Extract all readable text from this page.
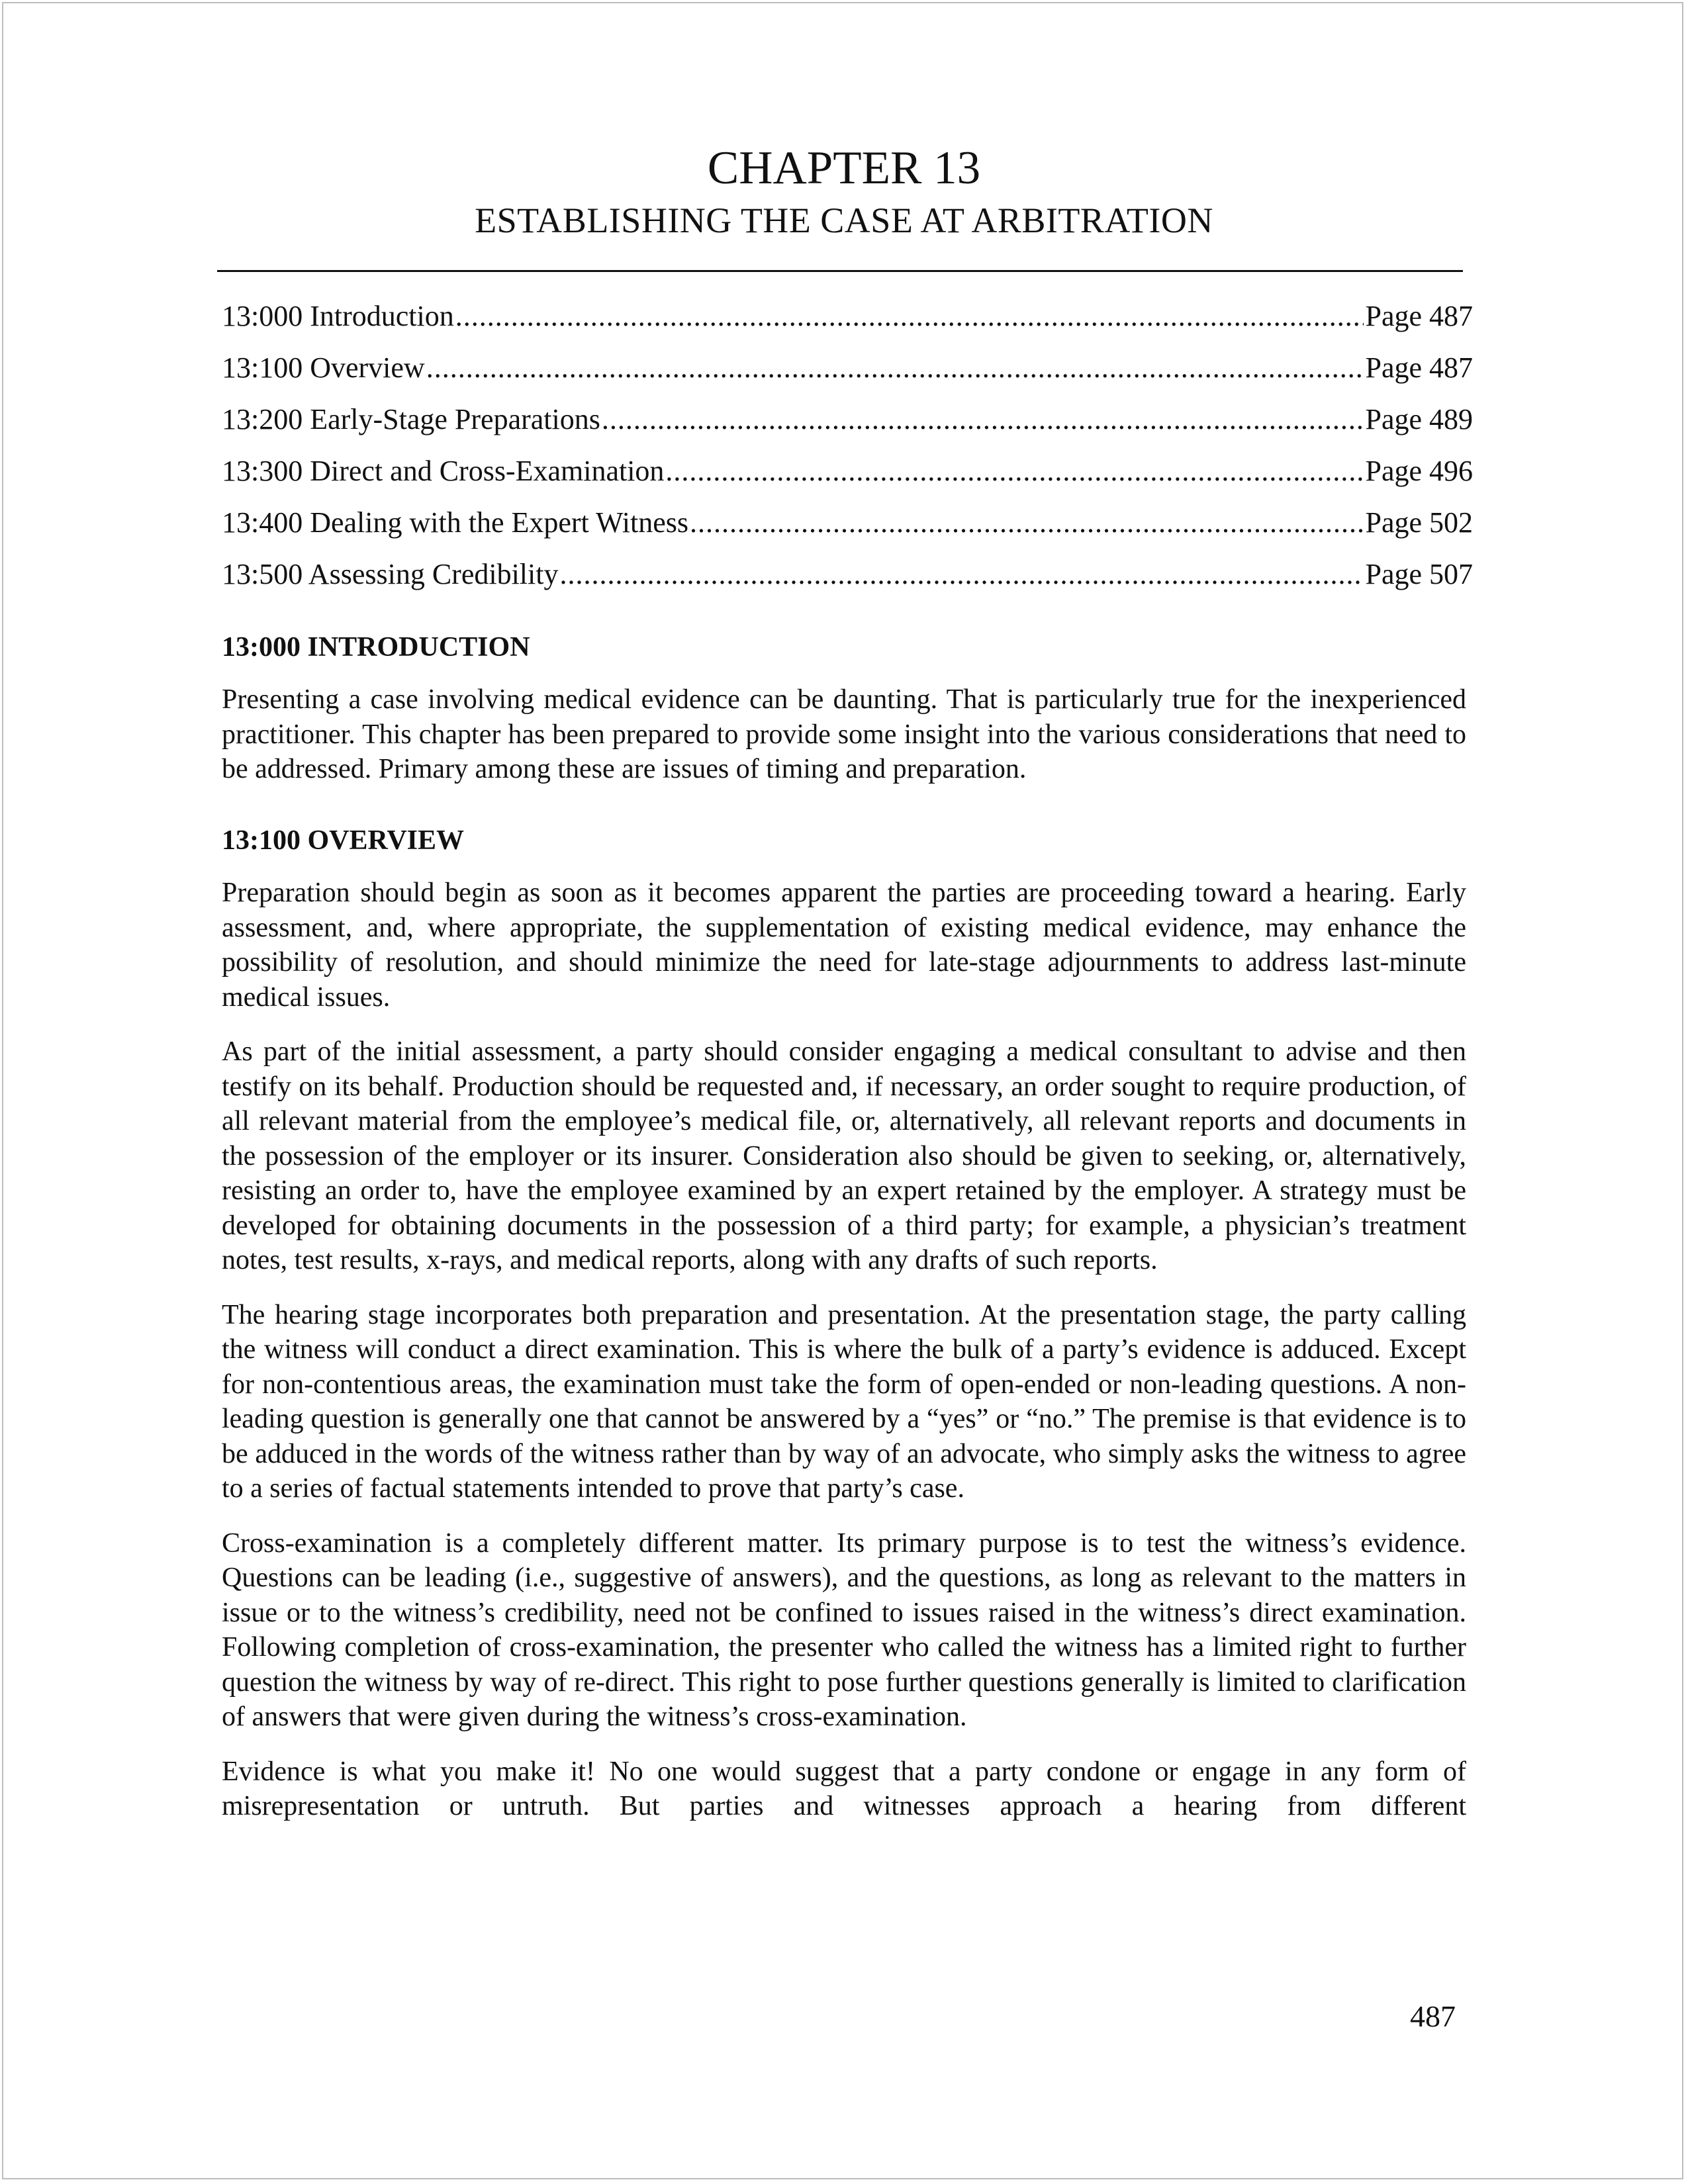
CHAPTER 13
ESTABLISHING THE CASE AT ARBITRATION
13:000 Introduction .....	Page 487
13:100 Overview .....	Page 487
13:200 Early-Stage Preparations .....	Page 489
13:300 Direct and Cross-Examination .....	Page 496
13:400 Dealing with the Expert Witness .....	Page 502
13:500 Assessing Credibility .....	Page 507
13:000 INTRODUCTION

Presenting a case involving medical evidence can be daunting. That is particularly true for the inexperienced practitioner. This chapter has been prepared to provide some insight into the various considerations that need to be addressed. Primary among these are issues of timing and preparation.

13:100 OVERVIEW

Preparation should begin as soon as it becomes apparent the parties are proceeding toward a hearing. Early assessment, and, where appropriate, the supplementation of existing medical evidence, may enhance the possibility of resolution, and should minimize the need for late-stage adjournments to address last-minute medical issues.

As part of the initial assessment, a party should consider engaging a medical consultant to advise and then testify on its behalf. Production should be requested and, if necessary, an order sought to require production, of all relevant material from the employee’s medical file, or, alternatively, all relevant reports and documents in the possession of the employer or its insurer. Consideration also should be given to seeking, or, alternatively, resisting an order to, have the employee examined by an expert retained by the employer. A strategy must be developed for obtaining documents in the possession of a third party; for example, a physician’s treatment notes, test results, x-rays, and medical reports, along with any drafts of such reports.

The hearing stage incorporates both preparation and presentation. At the presentation stage, the party calling the witness will conduct a direct examination. This is where the bulk of a party’s evidence is adduced. Except for non-contentious areas, the examination must take the form of open-ended or non-leading questions. A non-leading question is generally one that cannot be answered by a “yes” or “no.” The premise is that evidence is to be adduced in the words of the witness rather than by way of an advocate, who simply asks the witness to agree to a series of factual statements intended to prove that party’s case.

Cross-examination is a completely different matter. Its primary purpose is to test the witness’s evidence. Questions can be leading (i.e., suggestive of answers), and the questions, as long as relevant to the matters in issue or to the witness’s credibility, need not be confined to issues raised in the witness’s direct examination. Following completion of cross-examination, the presenter who called the witness has a limited right to further question the witness by way of re-direct. This right to pose further questions generally is limited to clarification of answers that were given during the witness’s cross-examination.

Evidence is what you make it! No one would suggest that a party condone or engage in any form of misrepresentation or untruth. But parties and witnesses approach a hearing from different

487
